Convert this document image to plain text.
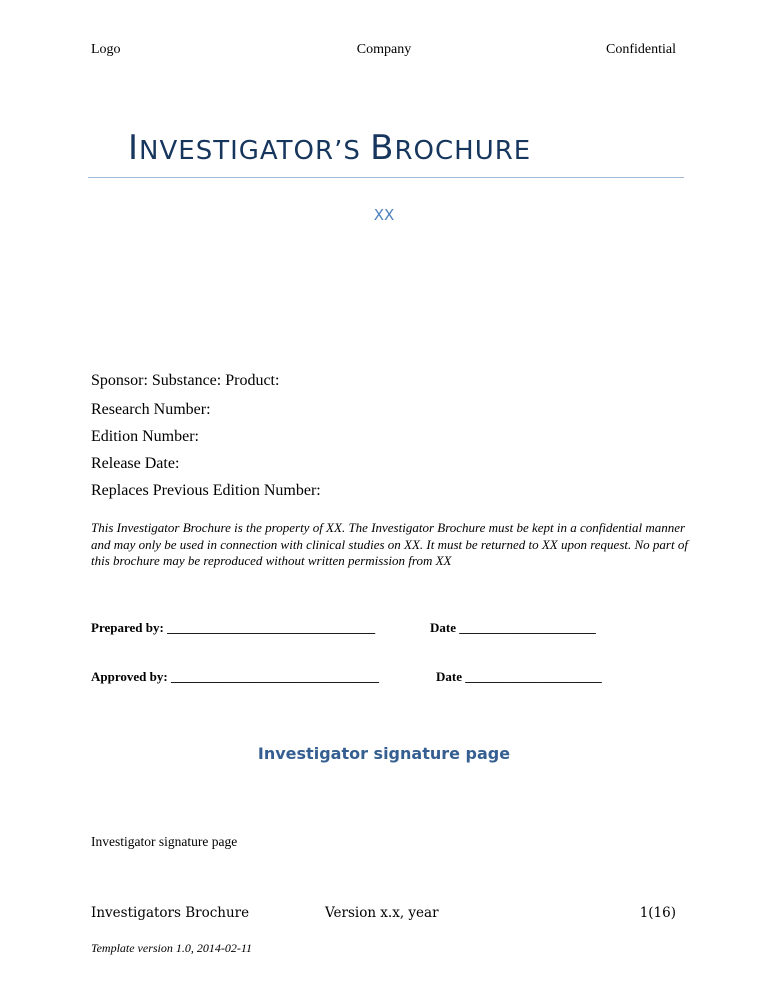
Logo	Company	Confidential
INVESTIGATOR’S BROCHURE
XX
Sponsor: Substance: Product:
Research Number:
Edition Number:
Release Date:
Replaces Previous Edition Number:
This Investigator Brochure is the property of XX. The Investigator Brochure must be kept in a confidential manner and may only be used in connection with clinical studies on XX. It must be returned to XX upon request. No part of this brochure may be reproduced without written permission from XX
Prepared by: ________________________________	Date _____________________
Approved by: ________________________________	Date _____________________
Investigator signature page
Investigator signature page
Investigators Brochure	Version x.x, year	1(16)
Template version 1.0, 2014-02-11
